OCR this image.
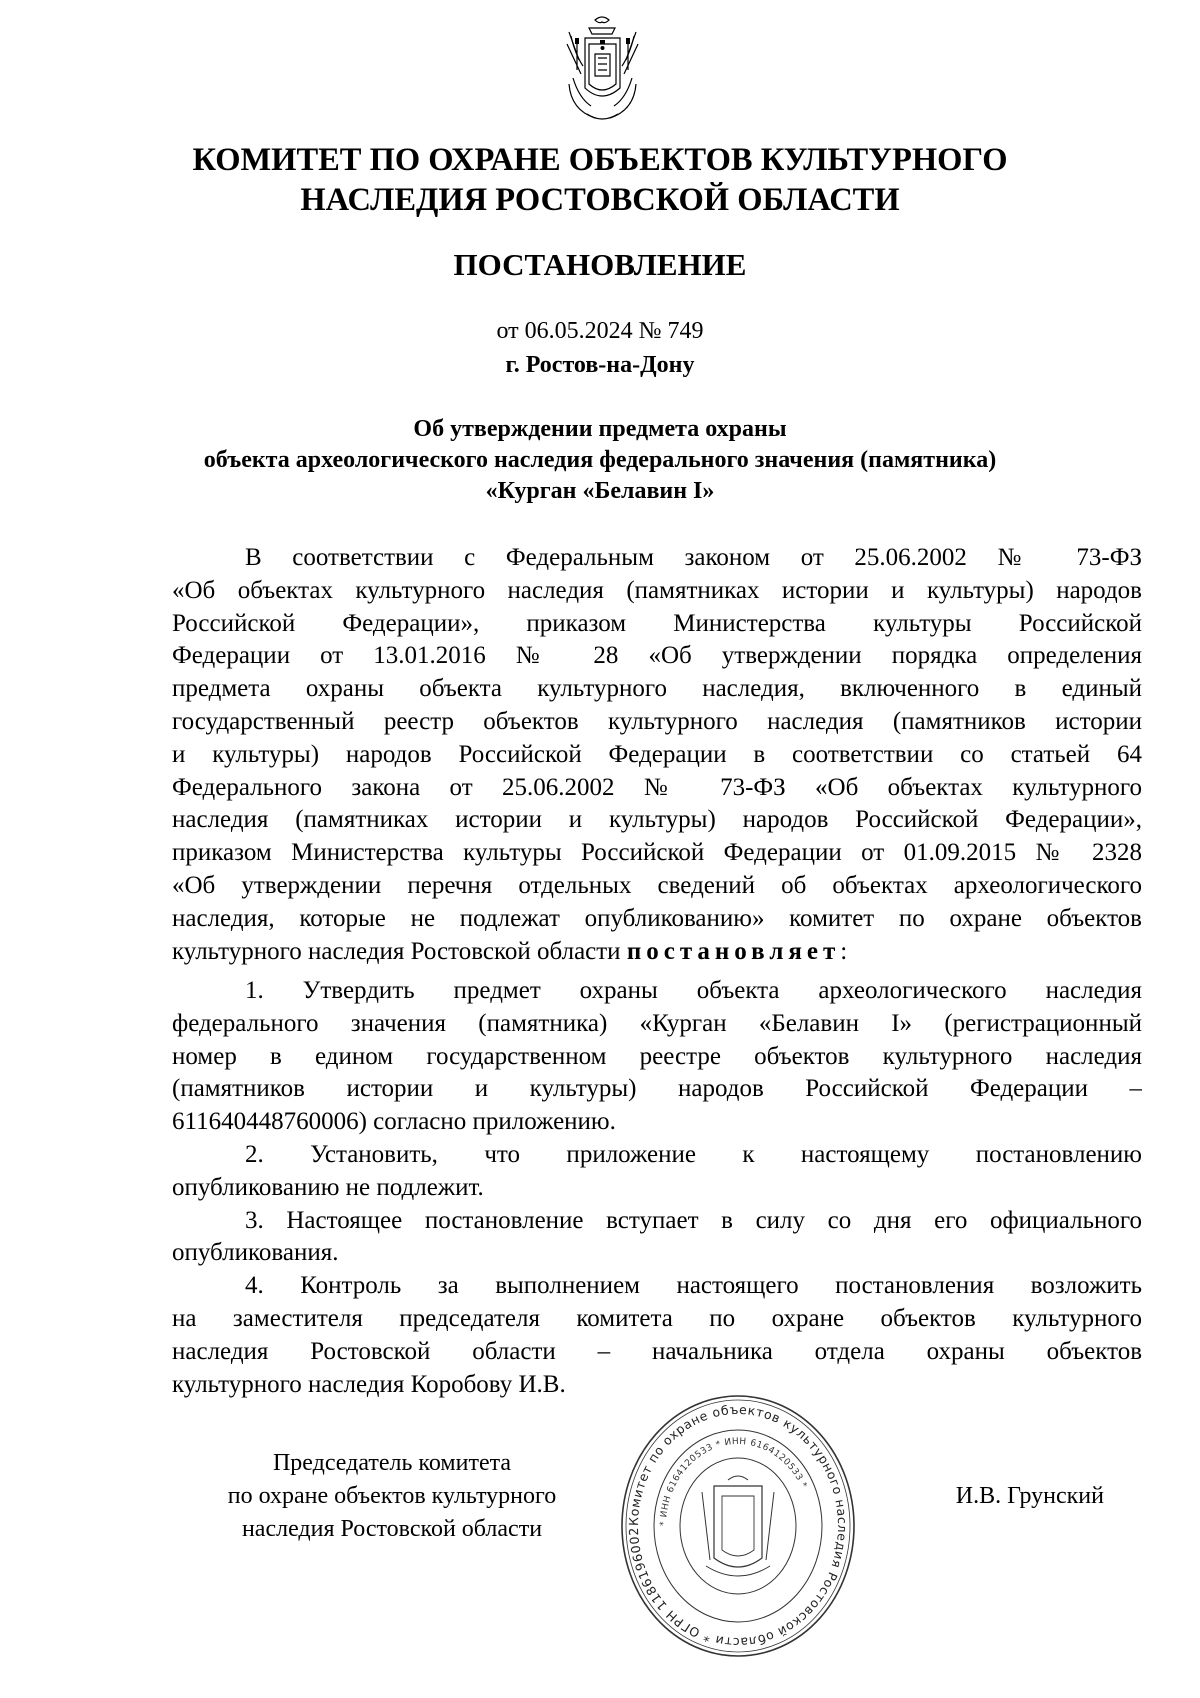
КОМИТЕТ ПО ОХРАНЕ ОБЪЕКТОВ КУЛЬТУРНОГО
НАСЛЕДИЯ РОСТОВСКОЙ ОБЛАСТИ
ПОСТАНОВЛЕНИЕ
от 06.05.2024 № 749
г. Ростов-на-Дону
Об утверждении предмета охраны
объекта археологического наследия федерального значения (памятника)
«Курган «Белавин I»
В соответствии с Федеральным законом от 25.06.2002 № 73-ФЗ
«Об объектах культурного наследия (памятниках истории и культуры) народов
Российской Федерации», приказом Министерства культуры Российской
Федерации от 13.01.2016 № 28 «Об утверждении порядка определения
предмета охраны объекта культурного наследия, включенного в единый
государственный реестр объектов культурного наследия (памятников истории
и культуры) народов Российской Федерации в соответствии со статьей 64
Федерального закона от 25.06.2002 № 73-ФЗ «Об объектах культурного
наследия (памятниках истории и культуры) народов Российской Федерации»,
приказом Министерства культуры Российской Федерации от 01.09.2015 № 2328
«Об утверждении перечня отдельных сведений об объектах археологического
наследия, которые не подлежат опубликованию» комитет по охране объектов
культурного наследия Ростовской области постановляет:
1. Утвердить предмет охраны объекта археологического наследия
федерального значения (памятника) «Курган «Белавин I» (регистрационный
номер в едином государственном реестре объектов культурного наследия
(памятников истории и культуры) народов Российской Федерации –
611640448760006) согласно приложению.
2. Установить, что приложение к настоящему постановлению
опубликованию не подлежит.
3. Настоящее постановление вступает в силу со дня его официального
опубликования.
4. Контроль за выполнением настоящего постановления возложить
на заместителя председателя комитета по охране объектов культурного
наследия Ростовской области – начальника отдела охраны объектов
культурного наследия Коробову И.В.
Председатель комитета
по охране объектов культурного
наследия Ростовской области	Комитет по охране объектов культурного наследия Ростовской области * ОГРН 1186196002
* ИНН 6164120533 * ИНН 6164120533 *	И.В. Грунский
